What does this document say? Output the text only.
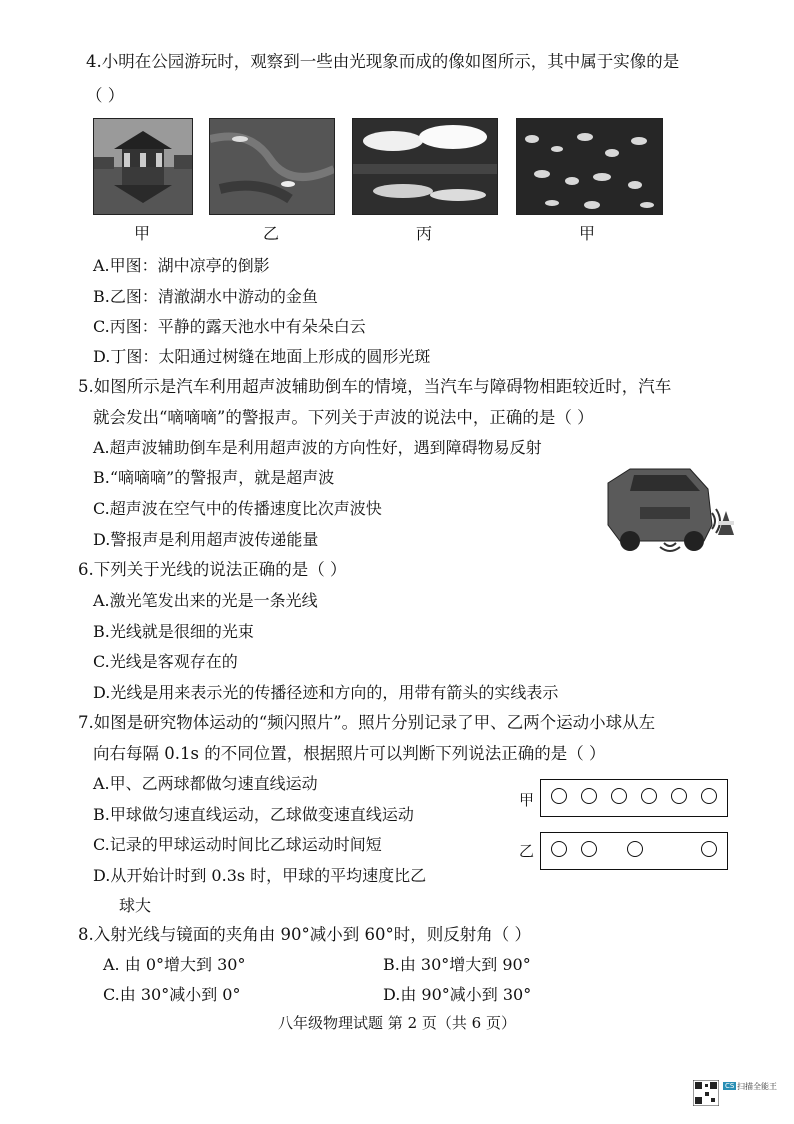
4.小明在公园游玩时，观察到一些由光现象而成的像如图所示，其中属于实像的是
（ ）
甲	乙	丙	甲
A.甲图：湖中凉亭的倒影
B.乙图：清澈湖水中游动的金鱼
C.丙图：平静的露天池水中有朵朵白云
D.丁图：太阳通过树缝在地面上形成的圆形光斑
5.如图所示是汽车利用超声波辅助倒车的情境，当汽车与障碍物相距较近时，汽车
就会发出“嘀嘀嘀”的警报声。下列关于声波的说法中，正确的是（ ）
A.超声波辅助倒车是利用超声波的方向性好，遇到障碍物易反射
B.“嘀嘀嘀”的警报声，就是超声波
C.超声波在空气中的传播速度比次声波快
D.警报声是利用超声波传递能量
6.下列关于光线的说法正确的是（ ）
A.激光笔发出来的光是一条光线
B.光线就是很细的光束
C.光线是客观存在的
D.光线是用来表示光的传播径迹和方向的，用带有箭头的实线表示
7.如图是研究物体运动的“频闪照片”。照片分别记录了甲、乙两个运动小球从左
向右每隔 0.1s 的不同位置，根据照片可以判断下列说法正确的是（ ）
A.甲、乙两球都做匀速直线运动
B.甲球做匀速直线运动，乙球做变速直线运动
C.记录的甲球运动时间比乙球运动时间短
D.从开始计时到 0.3s 时，甲球的平均速度比乙
球大
甲
乙
8.入射光线与镜面的夹角由 90°减小到 60°时，则反射角（ ）
A. 由 0°增大到 30°	B.由 30°增大到 90°
C.由 30°减小到 0°	D.由 90°减小到 30°
八年级物理试题 第 2 页（共 6 页）
CS 扫描全能王
